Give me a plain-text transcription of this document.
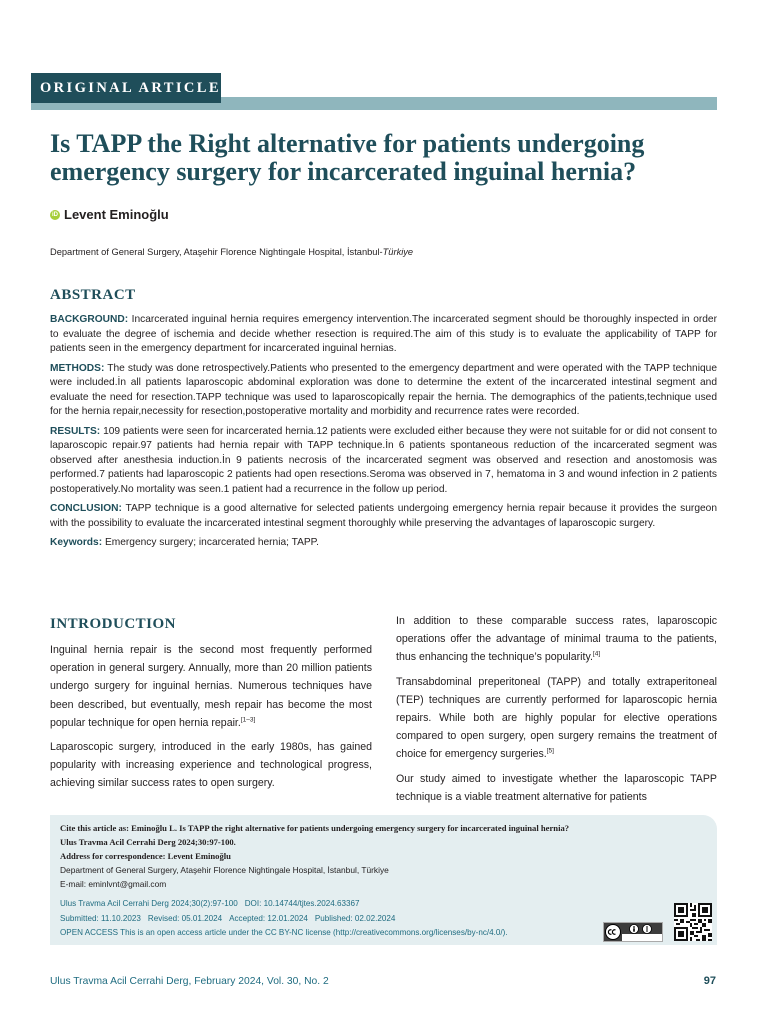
ORIGINAL ARTICLE
Is TAPP the Right alternative for patients undergoing emergency surgery for incarcerated inguinal hernia?
iD Levent Eminoğlu
Department of General Surgery, Ataşehir Florence Nightingale Hospital, İstanbul-Türkiye
ABSTRACT

BACKGROUND: Incarcerated inguinal hernia requires emergency intervention.The incarcerated segment should be thoroughly inspected in order to evaluate the degree of ischemia and decide whether resection is required.The aim of this study is to evaluate the applicability of TAPP for patients seen in the emergency department for incarcerated inguinal hernias.

METHODS: The study was done retrospectively.Patients who presented to the emergency department and were operated with the TAPP technique were included.İn all patients laparoscopic abdominal exploration was done to determine the extent of the incarcerated intestinal segment and evaluate the need for resection.TAPP technique was used to laparoscopically repair the hernia. The demographics of the patients,technique used for the hernia repair,necessity for resection,postoperative mortality and morbidity and recurrence rates were recorded.

RESULTS: 109 patients were seen for incarcerated hernia.12 patients were excluded either because they were not suitable for or did not consent to laparoscopic repair.97 patients had hernia repair with TAPP technique.İn 6 patients spontaneous reduction of the incarcerated segment was observed after anesthesia induction.İn 9 patients necrosis of the incarcerated segment was observed and resection and anostomosis was performed.7 patients had laparoscopic 2 patients had open resections.Seroma was observed in 7, hematoma in 3 and wound infection in 2 patients postoperatively.No mortality was seen.1 patient had a recurrence in the follow up period.

CONCLUSION: TAPP technique is a good alternative for selected patients undergoing emergency hernia repair because it provides the surgeon with the possibility to evaluate the incarcerated intestinal segment thoroughly while preserving the advantages of laparoscopic surgery.

Keywords: Emergency surgery; incarcerated hernia; TAPP.

INTRODUCTION

Inguinal hernia repair is the second most frequently performed operation in general surgery. Annually, more than 20 million patients undergo surgery for inguinal hernias. Numerous techniques have been described, but eventually, mesh repair has become the most popular technique for open hernia repair.[1–3]

Laparoscopic surgery, introduced in the early 1980s, has gained popularity with increasing experience and technological progress, achieving similar success rates to open surgery.

In addition to these comparable success rates, laparoscopic operations offer the advantage of minimal trauma to the patients, thus enhancing the technique’s popularity.[4]

Transabdominal preperitoneal (TAPP) and totally extraperitoneal (TEP) techniques are currently performed for laparoscopic hernia repairs. While both are highly popular for elective operations compared to open surgery, open surgery remains the treatment of choice for emergency surgeries.[5]

Our study aimed to investigate whether the laparoscopic TAPP technique is a viable treatment alternative for patients

Cite this article as: Eminoğlu L. Is TAPP the right alternative for patients undergoing emergency surgery for incarcerated inguinal hernia?

Ulus Travma Acil Cerrahi Derg 2024;30:97-100.

Address for correspondence: Levent Eminoğlu

Department of General Surgery, Ataşehir Florence Nightingale Hospital, İstanbul, Türkiye

E-mail: eminlvnt@gmail.com

Ulus Travma Acil Cerrahi Derg 2024;30(2):97-100 DOI: 10.14744/tjtes.2024.63367

Submitted: 11.10.2023 Revised: 05.01.2024 Accepted: 12.01.2024 Published: 02.02.2024

OPEN ACCESS This is an open access article under the CC BY-NC license (http://creativecommons.org/licenses/by-nc/4.0/).

Ulus Travma Acil Cerrahi Derg, February 2024, Vol. 30, No. 2	97
